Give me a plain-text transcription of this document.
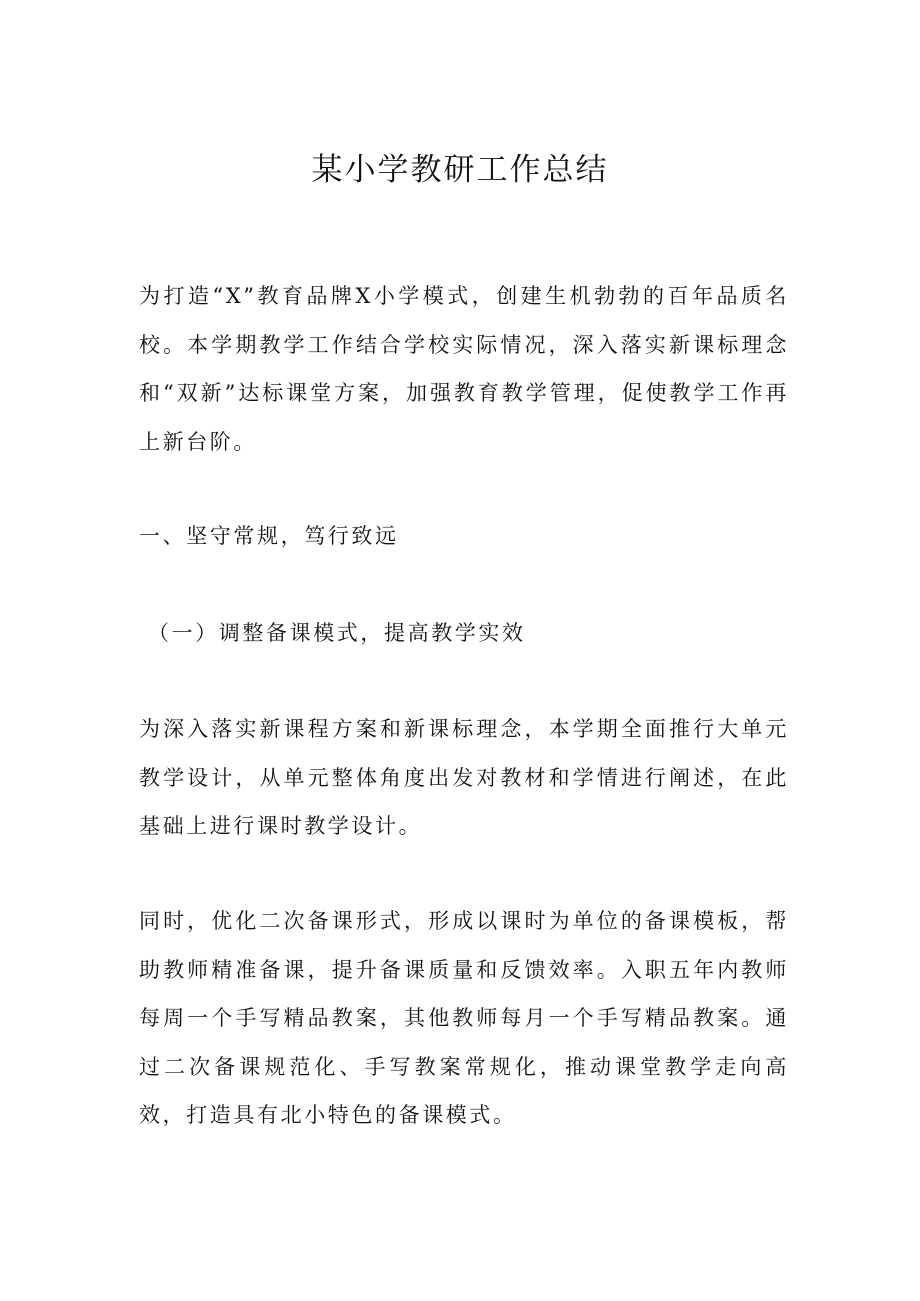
某小学教研工作总结

为打造“X”教育品牌X小学模式，创建生机勃勃的百年品质名校。本学期教学工作结合学校实际情况，深入落实新课标理念和“双新”达标课堂方案，加强教育教学管理，促使教学工作再上新台阶。

一、坚守常规，笃行致远
（一）调整备课模式，提高教学实效

为深入落实新课程方案和新课标理念，本学期全面推行大单元教学设计，从单元整体角度出发对教材和学情进行阐述，在此基础上进行课时教学设计。

同时，优化二次备课形式，形成以课时为单位的备课模板，帮助教师精准备课，提升备课质量和反馈效率。入职五年内教师每周一个手写精品教案，其他教师每月一个手写精品教案。通过二次备课规范化、手写教案常规化，推动课堂教学走向高效，打造具有北小特色的备课模式。
